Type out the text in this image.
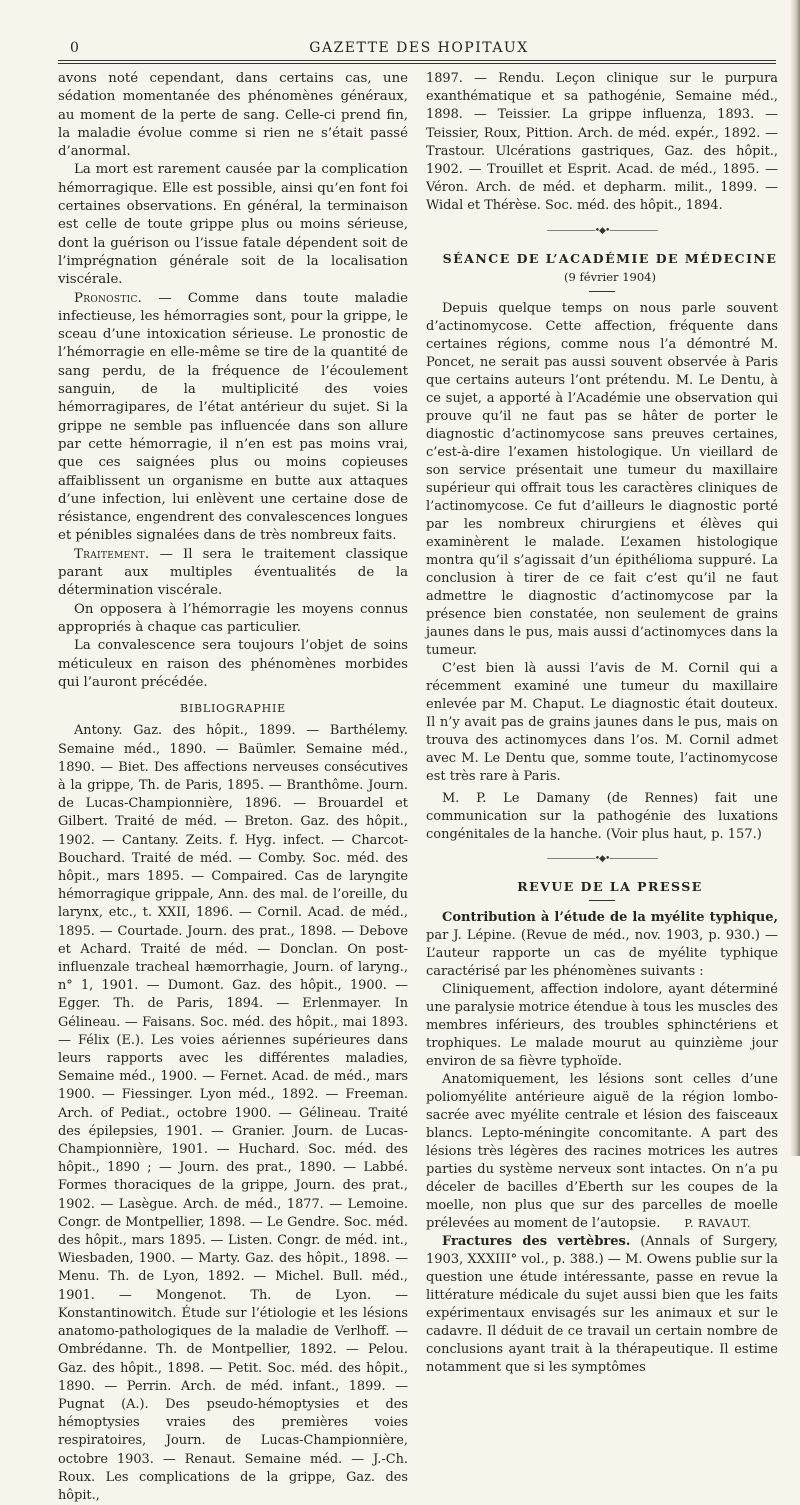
0	GAZETTE DES HOPITAUX

avons noté cependant, dans certains cas, une sédation momentanée des phénomènes généraux, au moment de la perte de sang. Celle-ci prend fin, la maladie évolue comme si rien ne s’était passé d’anormal.

La mort est rarement causée par la complication hémorragique. Elle est possible, ainsi qu’en font foi certaines observations. En général, la terminaison est celle de toute grippe plus ou moins sérieuse, dont la guérison ou l’issue fatale dépendent soit de l’imprégnation générale soit de la localisation viscérale.

Pronostic. — Comme dans toute maladie infectieuse, les hémorragies sont, pour la grippe, le sceau d’une intoxication sérieuse. Le pronostic de l’hémorragie en elle-même se tire de la quantité de sang perdu, de la fréquence de l’écoulement sanguin, de la multiplicité des voies hémorragipares, de l’état antérieur du sujet. Si la grippe ne semble pas influencée dans son allure par cette hémorragie, il n’en est pas moins vrai, que ces saignées plus ou moins copieuses affaiblissent un organisme en butte aux attaques d’une infection, lui enlèvent une certaine dose de résistance, engendrent des convalescences longues et pénibles signalées dans de très nombreux faits.

Traitement. — Il sera le traitement classique parant aux multiples éventualités de la détermination viscérale.

On opposera à l’hémorragie les moyens connus appropriés à chaque cas particulier.

La convalescence sera toujours l’objet de soins méticuleux en raison des phénomènes morbides qui l’auront précédée.

BIBLIOGRAPHIE

Antony. Gaz. des hôpit., 1899. — Barthélemy. Semaine méd., 1890. — Baümler. Semaine méd., 1890. — Biet. Des affections nerveuses consécutives à la grippe, Th. de Paris, 1895. — Branthôme. Journ. de Lucas-Championnière, 1896. — Brouardel et Gilbert. Traité de méd. — Breton. Gaz. des hôpit., 1902. — Cantany. Zeits. f. Hyg. infect. — Charcot-Bouchard. Traité de méd. — Comby. Soc. méd. des hôpit., mars 1895. — Compaired. Cas de laryngite hémorragique grippale, Ann. des mal. de l’oreille, du larynx, etc., t. XXII, 1896. — Cornil. Acad. de méd., 1895. — Courtade. Journ. des prat., 1898. — Debove et Achard. Traité de méd. — Donclan. On post-influenzale tracheal hæmorrhagie, Journ. of laryng., n° 1, 1901. — Dumont. Gaz. des hôpit., 1900. — Egger. Th. de Paris, 1894. — Erlenmayer. In Gélineau. — Faisans. Soc. méd. des hôpit., mai 1893. — Félix (E.). Les voies aériennes supérieures dans leurs rapports avec les différentes maladies, Semaine méd., 1900. — Fernet. Acad. de méd., mars 1900. — Fiessinger. Lyon méd., 1892. — Freeman. Arch. of Pediat., octobre 1900. — Gélineau. Traité des épilepsies, 1901. — Granier. Journ. de Lucas-Championnière, 1901. — Huchard. Soc. méd. des hôpit., 1890 ; — Journ. des prat., 1890. — Labbé. Formes thoraciques de la grippe, Journ. des prat., 1902. — Lasègue. Arch. de méd., 1877. — Lemoine. Congr. de Montpellier, 1898. — Le Gendre. Soc. méd. des hôpit., mars 1895. — Listen. Congr. de méd. int., Wiesbaden, 1900. — Marty. Gaz. des hôpit., 1898. — Menu. Th. de Lyon, 1892. — Michel. Bull. méd., 1901. — Mongenot. Th. de Lyon. — Konstantinowitch. Étude sur l’étiologie et les lésions anatomo-pathologiques de la maladie de Verlhoff. — Ombrédanne. Th. de Montpellier, 1892. — Pelou. Gaz. des hôpit., 1898. — Petit. Soc. méd. des hôpit., 1890. — Perrin. Arch. de méd. infant., 1899. — Pugnat (A.). Des pseudo-hémoptysies et des hémoptysies vraies des premières voies respiratoires, Journ. de Lucas-Championnière, octobre 1903. — Renaut. Semaine méd. — J.-Ch. Roux. Les complications de la grippe, Gaz. des hôpit.,

1897. — Rendu. Leçon clinique sur le purpura exanthématique et sa pathogénie, Semaine méd., 1898. — Teissier. La grippe influenza, 1893. — Teissier, Roux, Pittion. Arch. de méd. expér., 1892. — Trastour. Ulcérations gastriques, Gaz. des hôpit., 1902. — Trouillet et Esprit. Acad. de méd., 1895. — Véron. Arch. de méd. et depharm. milit., 1899. — Widal et Thérèse. Soc. méd. des hôpit., 1894.

——————•◆•——————

SÉANCE DE L’ACADÉMIE DE MÉDECINE

(9 février 1904)

Depuis quelque temps on nous parle souvent d’actinomycose. Cette affection, fréquente dans certaines régions, comme nous l’a démontré M. Poncet, ne serait pas aussi souvent observée à Paris que certains auteurs l’ont prétendu. M. Le Dentu, à ce sujet, a apporté à l’Académie une observation qui prouve qu’il ne faut pas se hâter de porter le diagnostic d’actinomycose sans preuves certaines, c’est-à-dire l’examen histologique. Un vieillard de son service présentait une tumeur du maxillaire supérieur qui offrait tous les caractères cliniques de l’actinomycose. Ce fut d’ailleurs le diagnostic porté par les nombreux chirurgiens et élèves qui examinèrent le malade. L’examen histologique montra qu’il s’agissait d’un épithélioma suppuré. La conclusion à tirer de ce fait c’est qu’il ne faut admettre le diagnostic d’actinomycose par la présence bien constatée, non seulement de grains jaunes dans le pus, mais aussi d’actinomyces dans la tumeur.

C’est bien là aussi l’avis de M. Cornil qui a récemment examiné une tumeur du maxillaire enlevée par M. Chaput. Le diagnostic était douteux. Il n’y avait pas de grains jaunes dans le pus, mais on trouva des actinomyces dans l’os. M. Cornil admet avec M. Le Dentu que, somme toute, l’actinomycose est très rare à Paris.

M. P. Le Damany (de Rennes) fait une communication sur la pathogénie des luxations congénitales de la hanche. (Voir plus haut, p. 157.)

——————•◆•——————

REVUE DE LA PRESSE

Contribution à l’étude de la myélite typhique, par J. Lépine. (Revue de méd., nov. 1903, p. 930.) — L’auteur rapporte un cas de myélite typhique caractérisé par les phénomènes suivants :

Cliniquement, affection indolore, ayant déterminé une paralysie motrice étendue à tous les muscles des membres inférieurs, des troubles sphinctériens et trophiques. Le malade mourut au quinzième jour environ de sa fièvre typhoïde.

Anatomiquement, les lésions sont celles d’une poliomyélite antérieure aiguë de la région lombo-sacrée avec myélite centrale et lésion des faisceaux blancs. Lepto-méningite concomitante. A part des lésions très légères des racines motrices les autres parties du système nerveux sont intactes. On n’a pu déceler de bacilles d’Eberth sur les coupes de la moelle, non plus que sur des parcelles de moelle prélevées au moment de l’autopsie. P. RAVAUT.

Fractures des vertèbres. (Annals of Surgery, 1903, XXXIII° vol., p. 388.) — M. Owens publie sur la question une étude intéressante, passe en revue la littérature médicale du sujet aussi bien que les faits expérimentaux envisagés sur les animaux et sur le cadavre. Il déduit de ce travail un certain nombre de conclusions ayant trait à la thérapeutique. Il estime notamment que si les symptômes
